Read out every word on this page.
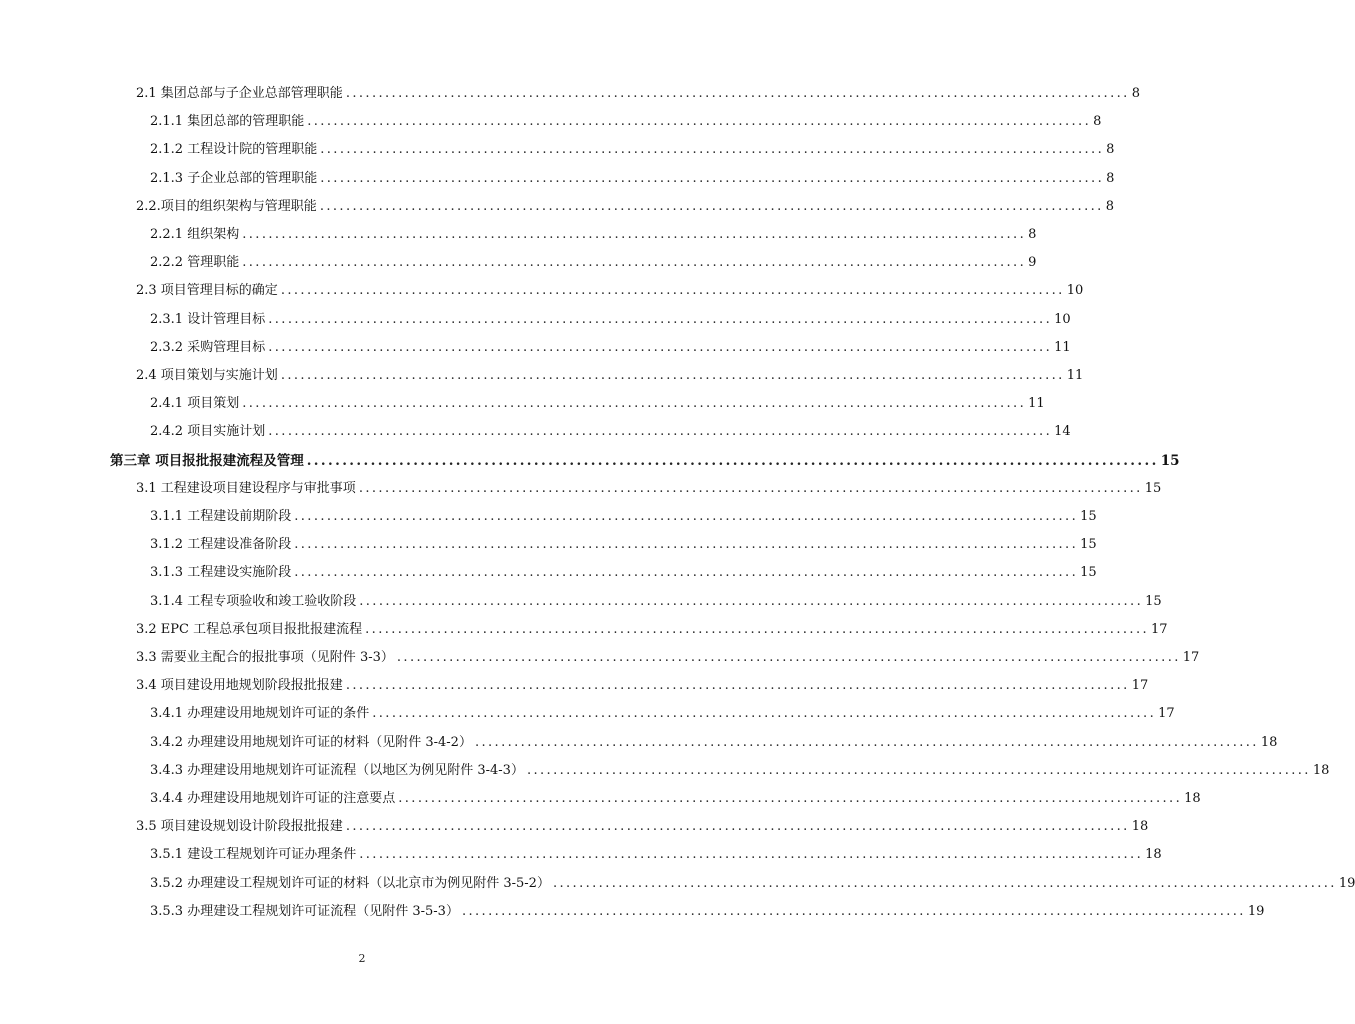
2.1 集团总部与子企业总部管理职能 ........................................................................................................................ 8
2.1.1 集团总部的管理职能 ........................................................................................................................ 8
2.1.2 工程设计院的管理职能 ........................................................................................................................ 8
2.1.3 子企业总部的管理职能 ........................................................................................................................ 8
2.2.项目的组织架构与管理职能 ........................................................................................................................ 8
2.2.1 组织架构 ........................................................................................................................ 8
2.2.2 管理职能 ........................................................................................................................ 9
2.3 项目管理目标的确定 ........................................................................................................................ 10
2.3.1 设计管理目标 ........................................................................................................................ 10
2.3.2 采购管理目标 ........................................................................................................................ 11
2.4 项目策划与实施计划 ........................................................................................................................ 11
2.4.1 项目策划 ........................................................................................................................ 11
2.4.2 项目实施计划 ........................................................................................................................ 14
第三章 项目报批报建流程及管理 ........................................................................................................................ 15
3.1 工程建设项目建设程序与审批事项 ........................................................................................................................ 15
3.1.1 工程建设前期阶段 ........................................................................................................................ 15
3.1.2 工程建设准备阶段 ........................................................................................................................ 15
3.1.3 工程建设实施阶段 ........................................................................................................................ 15
3.1.4 工程专项验收和竣工验收阶段 ........................................................................................................................ 15
3.2 EPC 工程总承包项目报批报建流程 ........................................................................................................................ 17
3.3 需要业主配合的报批事项（见附件 3-3） ........................................................................................................................ 17
3.4 项目建设用地规划阶段报批报建 ........................................................................................................................ 17
3.4.1 办理建设用地规划许可证的条件 ........................................................................................................................ 17
3.4.2 办理建设用地规划许可证的材料（见附件 3-4-2） ........................................................................................................................ 18
3.4.3 办理建设用地规划许可证流程（以地区为例见附件 3-4-3） ........................................................................................................................ 18
3.4.4 办理建设用地规划许可证的注意要点 ........................................................................................................................ 18
3.5 项目建设规划设计阶段报批报建 ........................................................................................................................ 18
3.5.1 建设工程规划许可证办理条件 ........................................................................................................................ 18
3.5.2 办理建设工程规划许可证的材料（以北京市为例见附件 3-5-2） ........................................................................................................................ 19
3.5.3 办理建设工程规划许可证流程（见附件 3-5-3） ........................................................................................................................ 19
2
